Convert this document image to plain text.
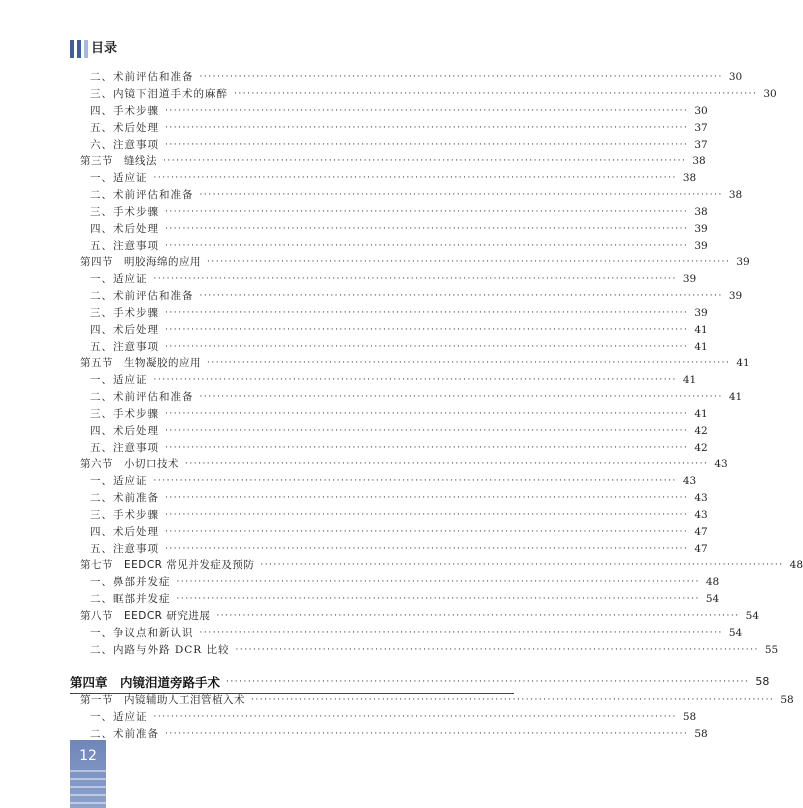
目录
二、术前评估和准备 ························································································································ 30
三、内镜下泪道手术的麻醉 ························································································································ 30
四、手术步骤 ························································································································ 30
五、术后处理 ························································································································ 37
六、注意事项 ························································································································ 37
第三节　缝线法 ························································································································ 38
一、适应证 ························································································································ 38
二、术前评估和准备 ························································································································ 38
三、手术步骤 ························································································································ 38
四、术后处理 ························································································································ 39
五、注意事项 ························································································································ 39
第四节　明胶海绵的应用 ························································································································ 39
一、适应证 ························································································································ 39
二、术前评估和准备 ························································································································ 39
三、手术步骤 ························································································································ 39
四、术后处理 ························································································································ 41
五、注意事项 ························································································································ 41
第五节　生物凝胶的应用 ························································································································ 41
一、适应证 ························································································································ 41
二、术前评估和准备 ························································································································ 41
三、手术步骤 ························································································································ 41
四、术后处理 ························································································································ 42
五、注意事项 ························································································································ 42
第六节　小切口技术 ························································································································ 43
一、适应证 ························································································································ 43
二、术前准备 ························································································································ 43
三、手术步骤 ························································································································ 43
四、术后处理 ························································································································ 47
五、注意事项 ························································································································ 47
第七节　EEDCR 常见并发症及预防 ························································································································ 48
一、鼻部并发症 ························································································································ 48
二、眶部并发症 ························································································································ 54
第八节　EEDCR 研究进展 ························································································································ 54
一、争议点和新认识 ························································································································ 54
二、内路与外路 DCR 比较 ························································································································ 55
第四章　内镜泪道旁路手术 ························································································································ 58
第一节　内镜辅助人工泪管植入术 ························································································································ 58
一、适应证 ························································································································ 58
二、术前准备 ························································································································ 58
12
